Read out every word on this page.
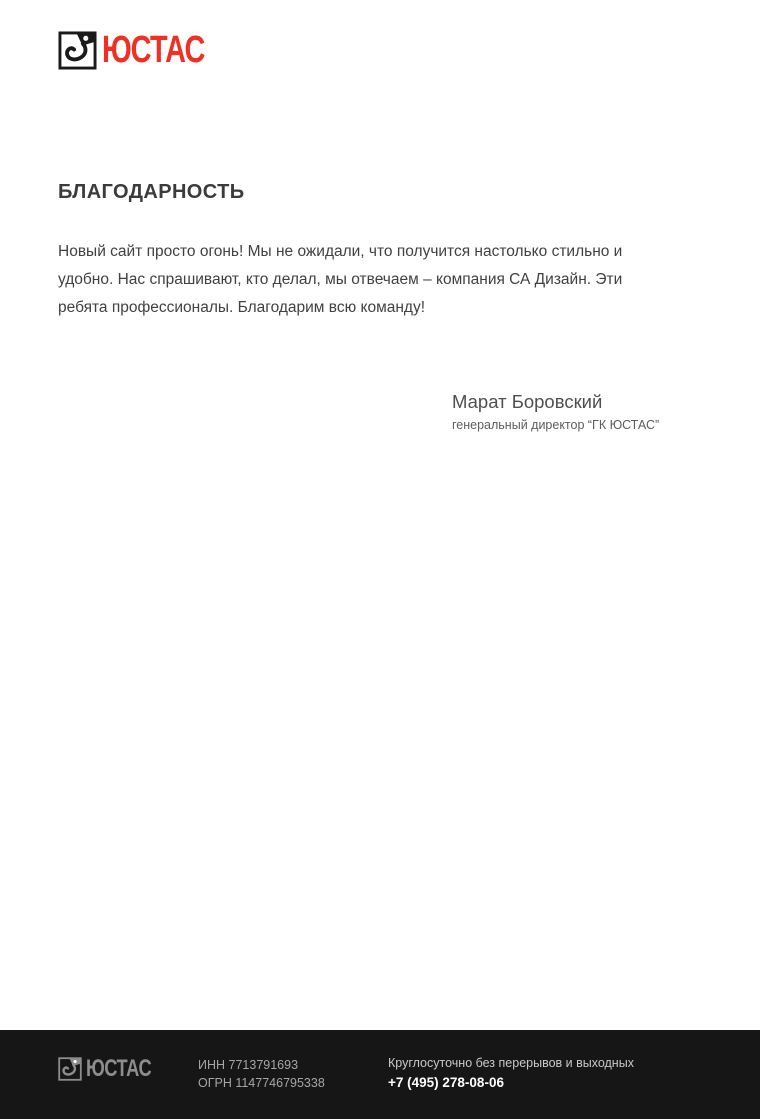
ЮСТАС
БЛАГОДАРНОСТЬ

Новый сайт просто огонь! Мы не ожидали, что получится настолько стильно и удобно. Нас спрашивают, кто делал, мы отвечаем – компания СА Дизайн. Эти ребята профессионалы. Благодарим всю команду!

Марат Боровский

генеральный директор “ГК ЮСТАС”

ЮСТАС	ИНН 7713791693
ОГРН 1147746795338
Круглосуточно без перерывов и выходных
+7 (495) 278-08-06
